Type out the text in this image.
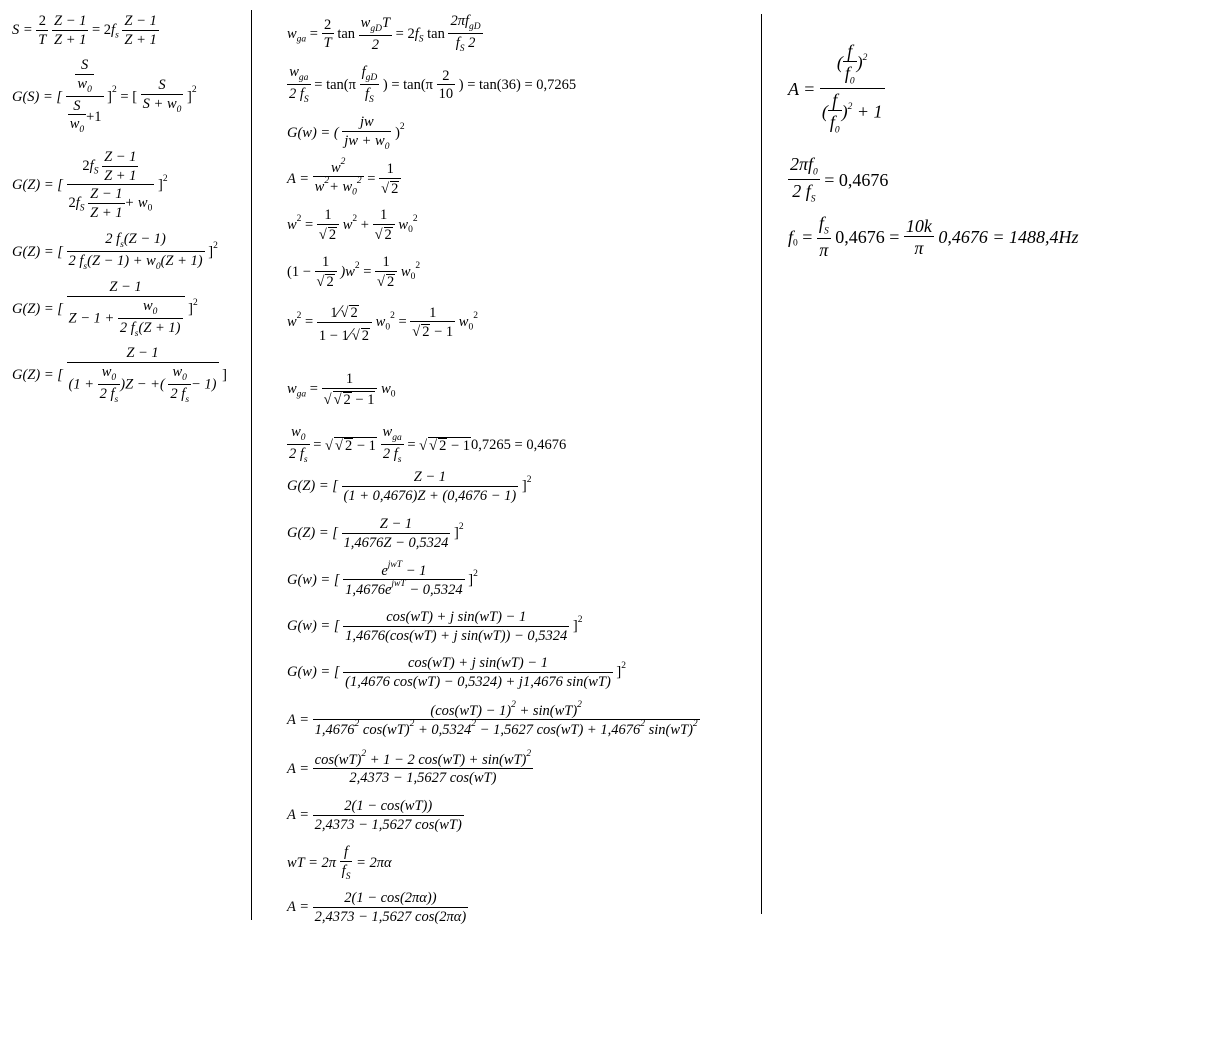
$S = \frac{2}{T}$
$\frac{Z - 1}{Z + 1} = 2f_s \frac{Z - 1}{Z + 1}$
G(S) = [ $\frac{\frac{S}{w_0}}{\frac{S}{w_0} +1} ]^2$ = [ $\frac{S}{S + w_0} ]^2$
G(Z) = [ $\frac{2f_S \frac{Z - 1}{Z + 1}}{2f_S \frac{Z - 1}{Z + 1} + w_0} ]^2$
G(Z) = [ $\frac{2 f_s(Z - 1)}{2 f_s(Z - 1) + w_0(Z + 1)} ]^2$
G(Z) = [ $\frac{Z - 1}{Z - 1 + \frac{w_0}{2 f_s(Z + 1)}} ]^2$
G(Z) = [ $\frac{Z - 1}{(1 + \frac{w_0}{2 f_s} )Z - +( \frac{w_0}{2 f_s} - 1)}$ ]
$w_{ga} = \frac{2}{T}$ $\tan \frac{w_{gD}T}{2} = 2f_S$ $\tan \frac{2\pi f_{gD}}{f_S 2}$
$\frac{w_{ga}}{2 f_S} = \tan(\pi \frac{f_{gD}}{f_S}$ ) = $\tan(\pi \frac{2}{10}$ ) = tan(36) = 0,7265
G(w) = ( $\frac{jw}{jw + w_0} )^2$
$A = \frac{w^2}{w^2+ w_0^2} = \frac{1}{√ 2}$
$w^2 = \frac{1}{√ 2} w^2 + \frac{1}{√ 2} w_0^2$
$(1 - \frac{1}{√ 2} )w^2 = \frac{1}{√ 2} w_0^2$
$w^2 = \frac{1∕√ 2}{1 - 1∕√ 2} w_0^2 = \frac{1}{√ 2 - 1} w_0^2$
$w_{ga} = \frac{1}{√ √ 2 - 1} w_0$
$\frac{w_0}{2 f_s}$ = √ √ $2 - 1 \frac{w_{ga}}{2 f_s}$ = √ √ 2 − 10,7265 = 0,4676
G(Z) = [ $\frac{Z - 1}{(1 + 0,4676)Z + (0,4676 - 1)} ]^2$
G(Z) = [ $\frac{Z - 1}{1,4676Z - 0,5324} ]^2$
G(w) = [ $\frac{e^{jwT} - 1}{1,4676e^{jwT} - 0,5324} ]^2$
G(w) = [ $\frac{\text{cos(wT) + j sin(wT) − 1}}{\text{1,4676(cos(wT) + j sin(wT)) − 0,5324}} ]^2$
G(w) = [ $\frac{\text{cos(wT) + j sin(wT) − 1}}{(1,4676 \cos(wT) - 0,5324) + j1,4676 \sin(wT)} ]^2$
A =
$(\cos(wT) - 1)^2 + \sin(wT)^2$
1,4676$^2$ $\cos(wT)^2 + 0,5324^2 - 1,5627$ $\cos(wT) + 1,4676^2$ sin(wT)$^2$
$A = \frac{\cos(wT)^2 + 1 - 2 \cos(wT) + \sin(wT)^2}{2,4373 - 1,5627 \cos(wT)}$
$A = \frac{2(1 - \cos(wT))}{2,4373 - 1,5627 \cos(wT)}$
wT = $2\pi \frac{f}{f_S} = 2\pi\alpha$
$A = \frac{2(1 - \cos(2\pi\alpha))}{2,4373 - 1,5627 \cos(2\pi\alpha)}$
$A = \frac{( \frac{f}{f_0} )^2}{( \frac{f}{f_0} )^2 + 1}$
$\frac{2\pi f_0}{2 f_S} = 0,4676$
$f_0 = \frac{f_S}{\pi} 0,4676 = \frac{10k}{\pi} 0,4676 = 1488,4Hz$
